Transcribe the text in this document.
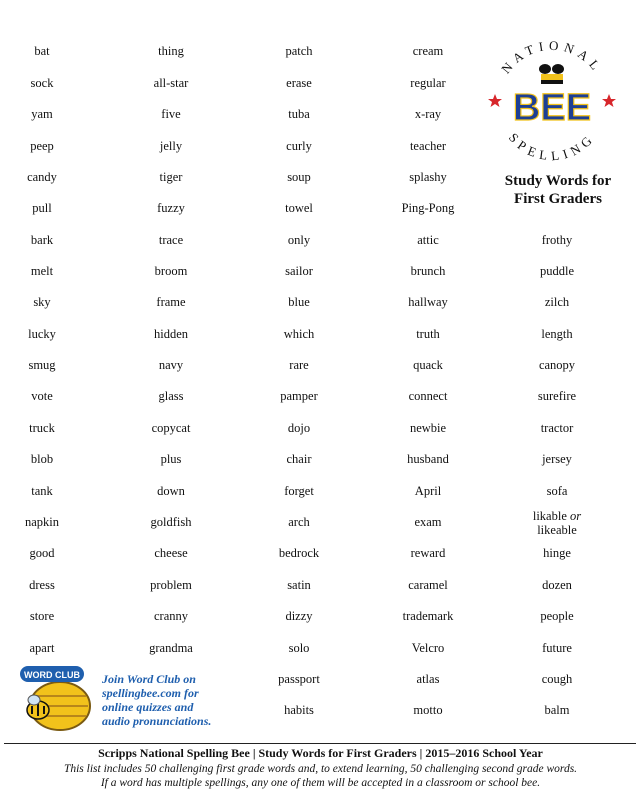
bat
sock
yam
peep
candy
pull
bark
melt
sky
lucky
smug
vote
truck
blob
tank
napkin
good
dress
store
apart
thing
all-star
five
jelly
tiger
fuzzy
trace
broom
frame
hidden
navy
glass
copycat
plus
down
goldfish
cheese
problem
cranny
grandma
patch
erase
tuba
curly
soup
towel
only
sailor
blue
which
rare
pamper
dojo
chair
forget
arch
bedrock
satin
dizzy
solo
passport
habits
cream
regular
x-ray
teacher
splashy
Ping-Pong
attic
brunch
hallway
truth
quack
connect
newbie
husband
April
exam
reward
caramel
trademark
Velcro
atlas
motto
frothy
puddle
zilch
length
canopy
surefire
tractor
jersey
sofa
likable or
likeable
hinge
dozen
people
future
cough
balm
NATIONAL
SPELLING
BEE
Study Words for
First Graders
WORD CLUB Join Word Club on
spellingbee.com for
online quizzes and
audio pronunciations.
Scripps National Spelling Bee | Study Words for First Graders | 2015–2016 School Year
This list includes 50 challenging first grade words and, to extend learning, 50 challenging second grade words.
If a word has multiple spellings, any one of them will be accepted in a classroom or school bee.
